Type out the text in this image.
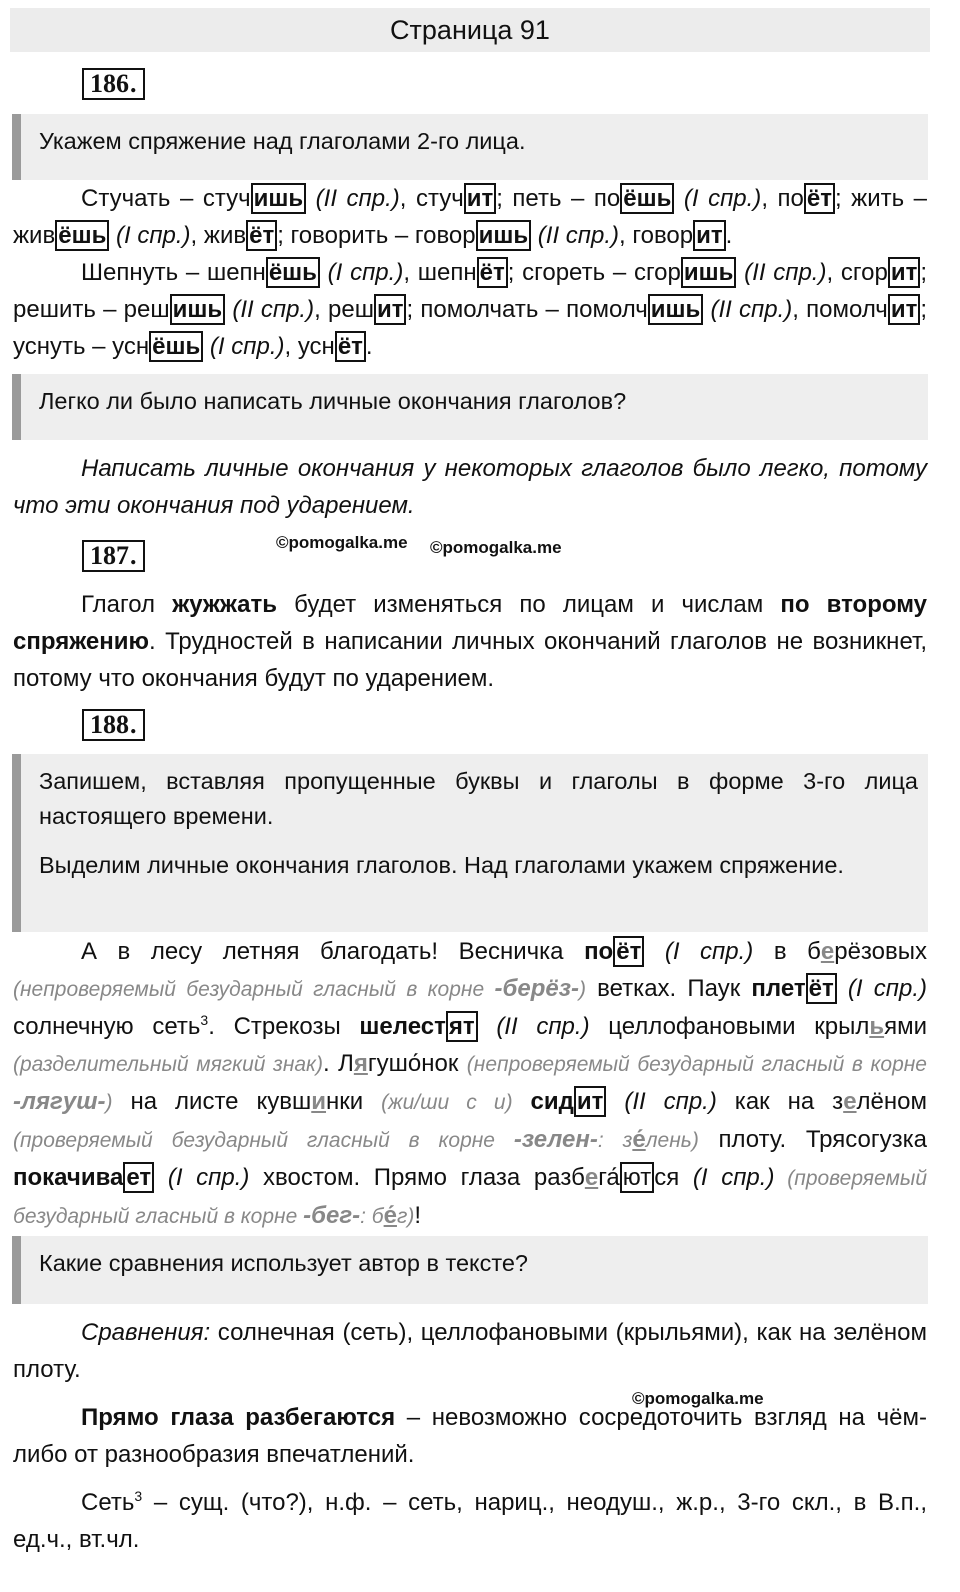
Страница 91
186 .

Укажем спряжение над глаголами 2-го лица.

Стучать – стуч ишь (II спр.), стуч ит ; петь – по ёшь (I спр.), по ёт ; жить – жив ёшь (I спр.), жив ёт ; говорить – говор ишь (II спр.), говор ит .

Шепнуть – шепн ёшь (I спр.), шепн ёт ; сгореть – сгор ишь (II спр.), сгор ит ; решить – реш ишь (II спр.), реш ит ; помолчать – помолч ишь (II спр.), помолч ит ; уснуть – усн ёшь (I спр.), усн ёт .

Легко ли было написать личные окончания глаголов?

Написать личные окончания у некоторых глаголов было легко, потому что эти окончания под ударением.

187 .	©pomogalka.me ©pomogalka.me

Глагол жужжать будет изменяться по лицам и числам по второму спряжению. Трудностей в написании личных окончаний глаголов не возникнет, потому что окончания будут по ударением.

188 .

Запишем, вставляя пропущенные буквы и глаголы в форме 3-го лица настоящего времени.

Выделим личные окончания глаголов. Над глаголами укажем спряжение.

А в лесу летняя благодать! Весничка по ёт (I спр.) в берёзовых (непроверяемый безударный гласный в корне -берёз-) ветках. Паук плет ёт (I спр.) солнечную сеть$^3$. Стрекозы шелест ят (II спр.) целлофановыми крыльями (разделительный мягкий знак). Лягушо́нок (непроверяемый безударный гласный в корне -лягуш-) на листе кувшинки (жи/ши с и) сид ит (II спр.) как на зелёном (проверяемый безударный гласный в корне -зелен-: зе́лень) плоту. Трясогузка покачива ет (I спр.) хвостом. Прямо глаза разбега́ ют ся (I спр.) (проверяемый безударный гласный в корне -бег-: бе́г)!

Какие сравнения использует автор в тексте?

Сравнения: солнечная (сеть), целлофановыми (крыльями), как на зелёном плоту.

©pomogalka.me

Прямо глаза разбегаются – невозможно сосредоточить взгляд на чём-либо от разнообразия впечатлений.

Сеть$^3$ – сущ. (что?), н.ф. – сеть, нариц., неодуш., ж.р., 3-го скл., в В.п., ед.ч., вт.чл.
